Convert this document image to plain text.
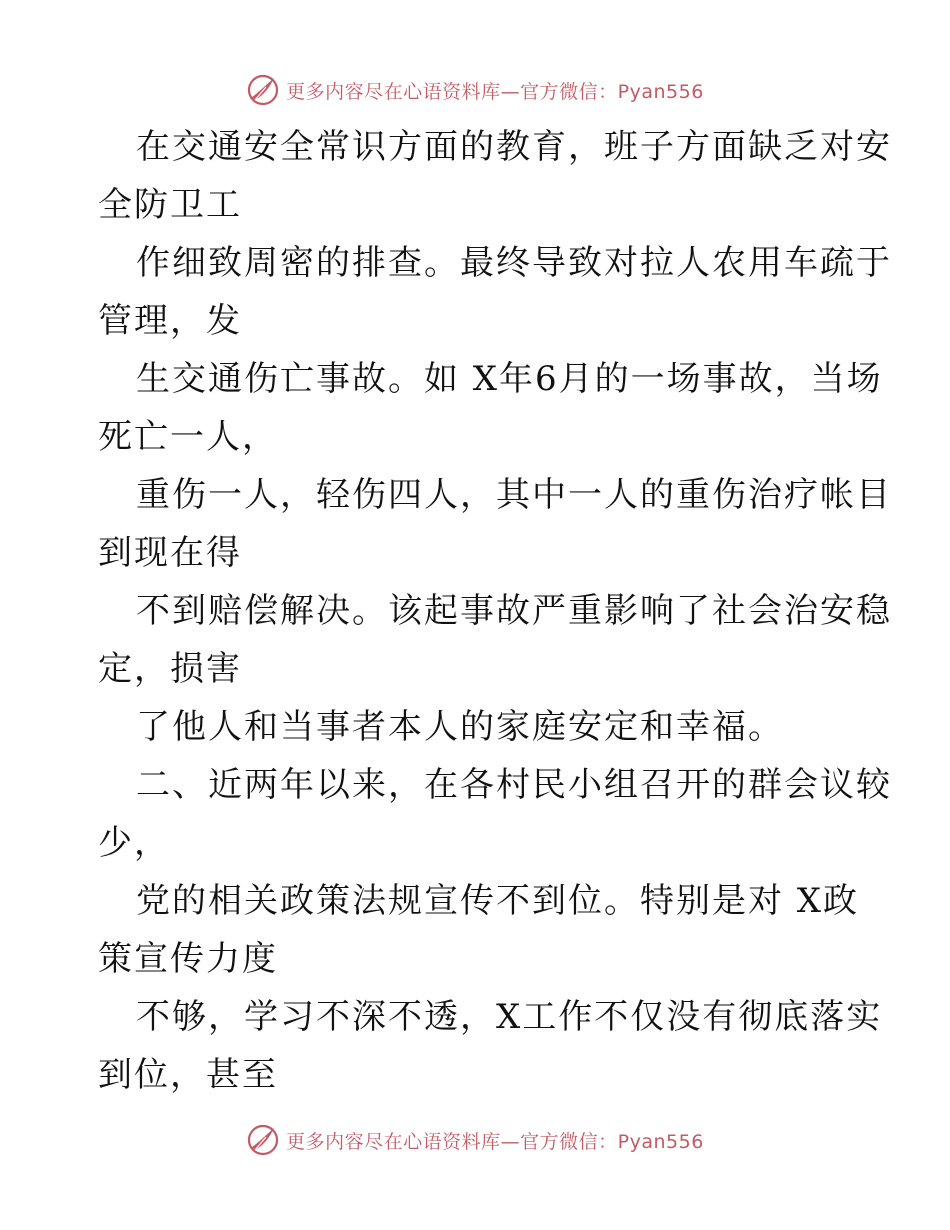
更多内容尽在心语资料库—官方微信：Pyan556
在交通安全常识方面的教育，班子方面缺乏对安
全防卫工
作细致周密的排查。最终导致对拉人农用车疏于
管理，发
生交通伤亡事故。如 X年6月的一场事故，当场
死亡一人，
重伤一人，轻伤四人，其中一人的重伤治疗帐目
到现在得
不到赔偿解决。该起事故严重影响了社会治安稳
定，损害
了他人和当事者本人的家庭安定和幸福。
二、近两年以来，在各村民小组召开的群会议较
少，
党的相关政策法规宣传不到位。特别是对 X政
策宣传力度
不够，学习不深不透，X工作不仅没有彻底落实
到位，甚至
更多内容尽在心语资料库—官方微信：Pyan556
